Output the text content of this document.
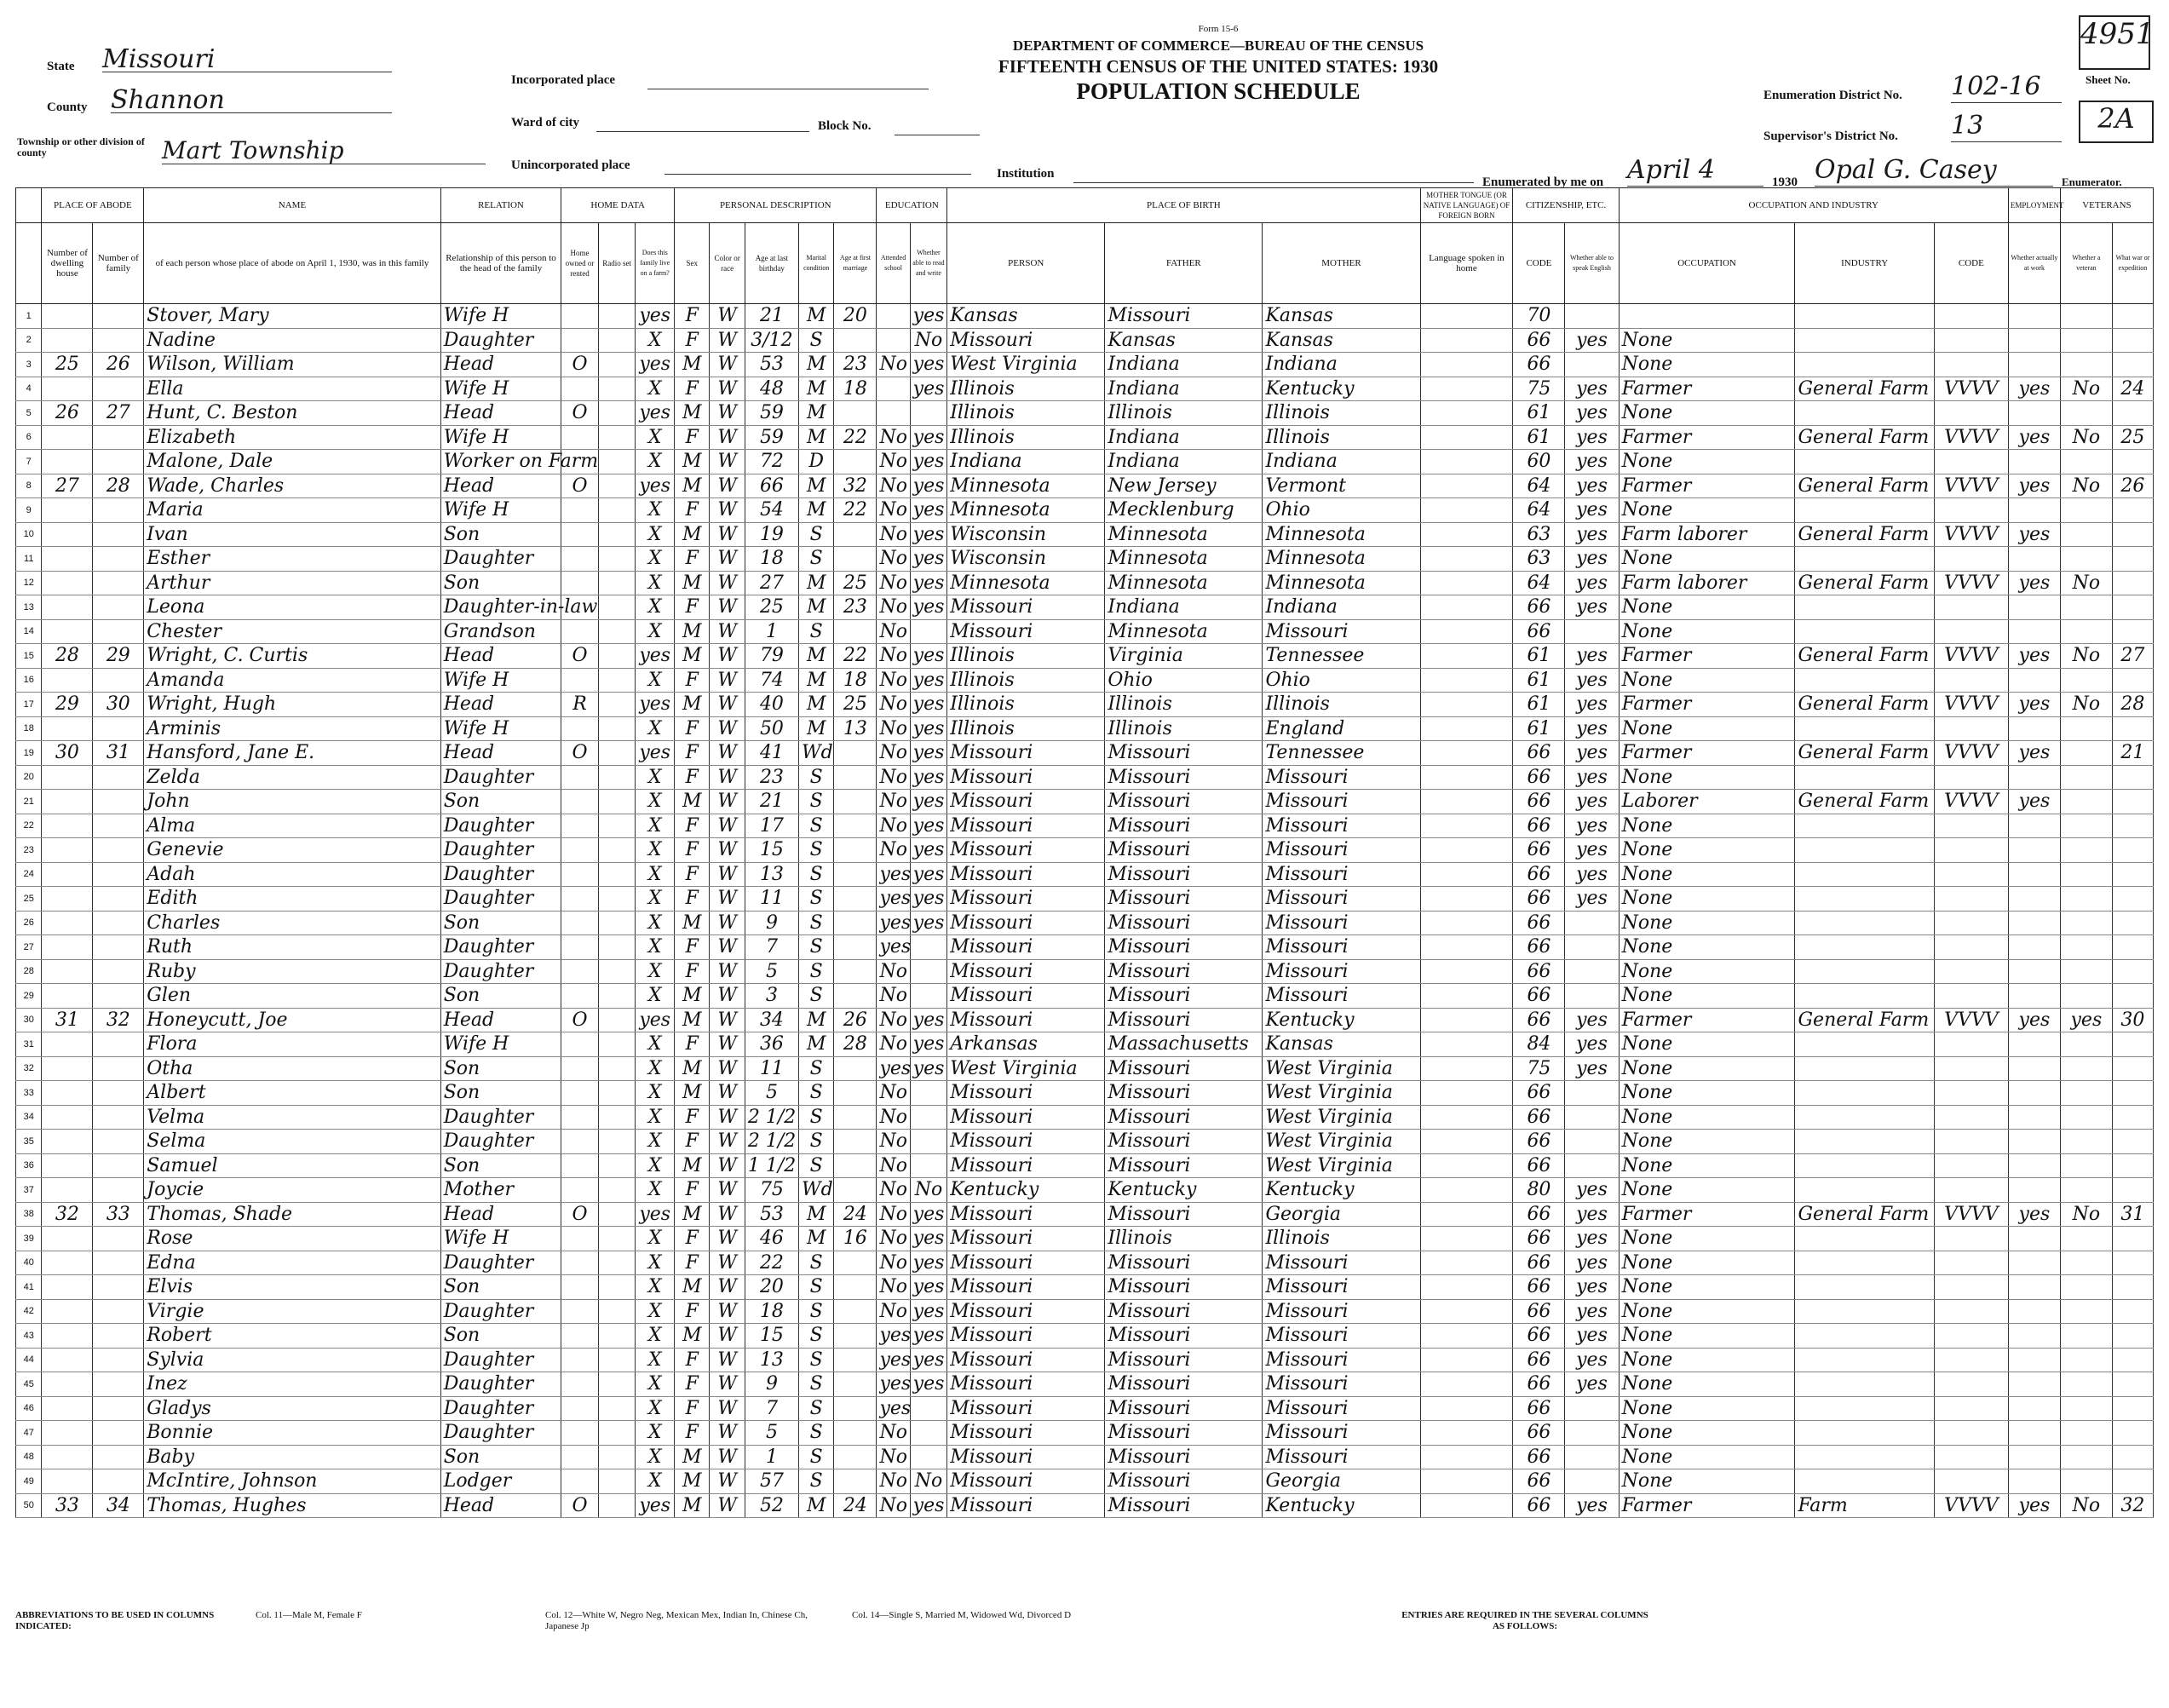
4951
Form 15-6
DEPARTMENT OF COMMERCE—BUREAU OF THE CENSUS
FIFTEENTH CENSUS OF THE UNITED STATES: 1930
POPULATION SCHEDULE
State Missouri
County Shannon
Township or other division of county	Mart Township
Incorporated place
Ward of city	Block No.
Unincorporated place
Institution
Enumeration District No. 102-16
Supervisor's District No. 13
Sheet No.
2A
Enumerated by me on April 4	1930 Opal G. Casey	Enumerator.
	PLACE OF ABODE		NAME	RELATION	HOME DATA			PERSONAL DESCRIPTION					EDUCATION		PLACE OF BIRTH			MOTHER TONGUE (OR NATIVE LANGUAGE) OF FOREIGN BORN	CITIZENSHIP, ETC.		OCCUPATION AND INDUSTRY			EMPLOYMENT	VETERANS	
	Number of dwelling house	Number of family	of each person whose place of abode on April 1, 1930, was in this family	Relationship of this person to the head of the family	Home owned or rented	Radio set	Does this family live on a farm?	Sex	Color or race	Age at last birthday	Marital condition	Age at first marriage	Attended school	Whether able to read and write	PERSON	FATHER	MOTHER	Language spoken in home	CODE	Whether able to speak English	OCCUPATION	INDUSTRY	CODE	Whether actually at work	Whether a veteran	What war or expedition
1			Stover, Mary	Wife H			yes	F	W	21	M	20		yes	Kansas	Missouri	Kansas		70							
2			Nadine	Daughter			X	F	W	3/12	S			No	Missouri	Kansas	Kansas		66	yes	None					
3	25	26	Wilson, William	Head	O		yes	M	W	53	M	23	No	yes	West Virginia	Indiana	Indiana		66		None					
4			Ella	Wife H			X	F	W	48	M	18		yes	Illinois	Indiana	Kentucky		75	yes	Farmer	General Farm	VVVV	yes	No	24
5	26	27	Hunt, C. Beston	Head	O		yes	M	W	59	M				Illinois	Illinois	Illinois		61	yes	None					
6			Elizabeth	Wife H			X	F	W	59	M	22	No	yes	Illinois	Indiana	Illinois		61	yes	Farmer	General Farm	VVVV	yes	No	25
7			Malone, Dale	Worker on Farm			X	M	W	72	D		No	yes	Indiana	Indiana	Indiana		60	yes	None					
8	27	28	Wade, Charles	Head	O		yes	M	W	66	M	32	No	yes	Minnesota	New Jersey	Vermont		64	yes	Farmer	General Farm	VVVV	yes	No	26
9			Maria	Wife H			X	F	W	54	M	22	No	yes	Minnesota	Mecklenburg	Ohio		64	yes	None					
10			Ivan	Son			X	M	W	19	S		No	yes	Wisconsin	Minnesota	Minnesota		63	yes	Farm laborer	General Farm	VVVV	yes		
11			Esther	Daughter			X	F	W	18	S		No	yes	Wisconsin	Minnesota	Minnesota		63	yes	None					
12			Arthur	Son			X	M	W	27	M	25	No	yes	Minnesota	Minnesota	Minnesota		64	yes	Farm laborer	General Farm	VVVV	yes	No	
13			Leona	Daughter-in-law			X	F	W	25	M	23	No	yes	Missouri	Indiana	Indiana		66	yes	None					
14			Chester	Grandson			X	M	W	1	S		No		Missouri	Minnesota	Missouri		66		None					
15	28	29	Wright, C. Curtis	Head	O		yes	M	W	79	M	22	No	yes	Illinois	Virginia	Tennessee		61	yes	Farmer	General Farm	VVVV	yes	No	27
16			Amanda	Wife H			X	F	W	74	M	18	No	yes	Illinois	Ohio	Ohio		61	yes	None					
17	29	30	Wright, Hugh	Head	R		yes	M	W	40	M	25	No	yes	Illinois	Illinois	Illinois		61	yes	Farmer	General Farm	VVVV	yes	No	28
18			Arminis	Wife H			X	F	W	50	M	13	No	yes	Illinois	Illinois	England		61	yes	None					
19	30	31	Hansford, Jane E.	Head	O		yes	F	W	41	Wd		No	yes	Missouri	Missouri	Tennessee		66	yes	Farmer	General Farm	VVVV	yes		21
20			Zelda	Daughter			X	F	W	23	S		No	yes	Missouri	Missouri	Missouri		66	yes	None					
21			John	Son			X	M	W	21	S		No	yes	Missouri	Missouri	Missouri		66	yes	Laborer	General Farm	VVVV	yes		
22			Alma	Daughter			X	F	W	17	S		No	yes	Missouri	Missouri	Missouri		66	yes	None					
23			Genevie	Daughter			X	F	W	15	S		No	yes	Missouri	Missouri	Missouri		66	yes	None					
24			Adah	Daughter			X	F	W	13	S		yes	yes	Missouri	Missouri	Missouri		66	yes	None					
25			Edith	Daughter			X	F	W	11	S		yes	yes	Missouri	Missouri	Missouri		66	yes	None					
26			Charles	Son			X	M	W	9	S		yes	yes	Missouri	Missouri	Missouri		66		None					
27			Ruth	Daughter			X	F	W	7	S		yes		Missouri	Missouri	Missouri		66		None					
28			Ruby	Daughter			X	F	W	5	S		No		Missouri	Missouri	Missouri		66		None					
29			Glen	Son			X	M	W	3	S		No		Missouri	Missouri	Missouri		66		None					
30	31	32	Honeycutt, Joe	Head	O		yes	M	W	34	M	26	No	yes	Missouri	Missouri	Kentucky		66	yes	Farmer	General Farm	VVVV	yes	yes	30
31			Flora	Wife H			X	F	W	36	M	28	No	yes	Arkansas	Massachusetts	Kansas		84	yes	None					
32			Otha	Son			X	M	W	11	S		yes	yes	West Virginia	Missouri	West Virginia		75	yes	None					
33			Albert	Son			X	M	W	5	S		No		Missouri	Missouri	West Virginia		66		None					
34			Velma	Daughter			X	F	W	2 1/2	S		No		Missouri	Missouri	West Virginia		66		None					
35			Selma	Daughter			X	F	W	2 1/2	S		No		Missouri	Missouri	West Virginia		66		None					
36			Samuel	Son			X	M	W	1 1/2	S		No		Missouri	Missouri	West Virginia		66		None					
37			Joycie	Mother			X	F	W	75	Wd		No	No	Kentucky	Kentucky	Kentucky		80	yes	None					
38	32	33	Thomas, Shade	Head	O		yes	M	W	53	M	24	No	yes	Missouri	Missouri	Georgia		66	yes	Farmer	General Farm	VVVV	yes	No	31
39			Rose	Wife H			X	F	W	46	M	16	No	yes	Missouri	Illinois	Illinois		66	yes	None					
40			Edna	Daughter			X	F	W	22	S		No	yes	Missouri	Missouri	Missouri		66	yes	None					
41			Elvis	Son			X	M	W	20	S		No	yes	Missouri	Missouri	Missouri		66	yes	None					
42			Virgie	Daughter			X	F	W	18	S		No	yes	Missouri	Missouri	Missouri		66	yes	None					
43			Robert	Son			X	M	W	15	S		yes	yes	Missouri	Missouri	Missouri		66	yes	None					
44			Sylvia	Daughter			X	F	W	13	S		yes	yes	Missouri	Missouri	Missouri		66	yes	None					
45			Inez	Daughter			X	F	W	9	S		yes	yes	Missouri	Missouri	Missouri		66	yes	None					
46			Gladys	Daughter			X	F	W	7	S		yes		Missouri	Missouri	Missouri		66		None					
47			Bonnie	Daughter			X	F	W	5	S		No		Missouri	Missouri	Missouri		66		None					
48			Baby	Son			X	M	W	1	S		No		Missouri	Missouri	Missouri		66		None					
49			McIntire, Johnson	Lodger			X	M	W	57	S		No	No	Missouri	Missouri	Georgia		66		None					
50	33	34	Thomas, Hughes	Head	O		yes	M	W	52	M	24	No	yes	Missouri	Missouri	Kentucky		66	yes	Farmer	Farm	VVVV	yes	No	32
ABBREVIATIONS TO BE USED IN COLUMNS INDICATED:
Col. 11—Male M, Female F	Col. 12—White W, Negro Neg, Mexican Mex, Indian In, Chinese Ch, Japanese Jp
Col. 14—Single S, Married M, Widowed Wd, Divorced D	ENTRIES ARE REQUIRED IN THE SEVERAL COLUMNS AS FOLLOWS:
